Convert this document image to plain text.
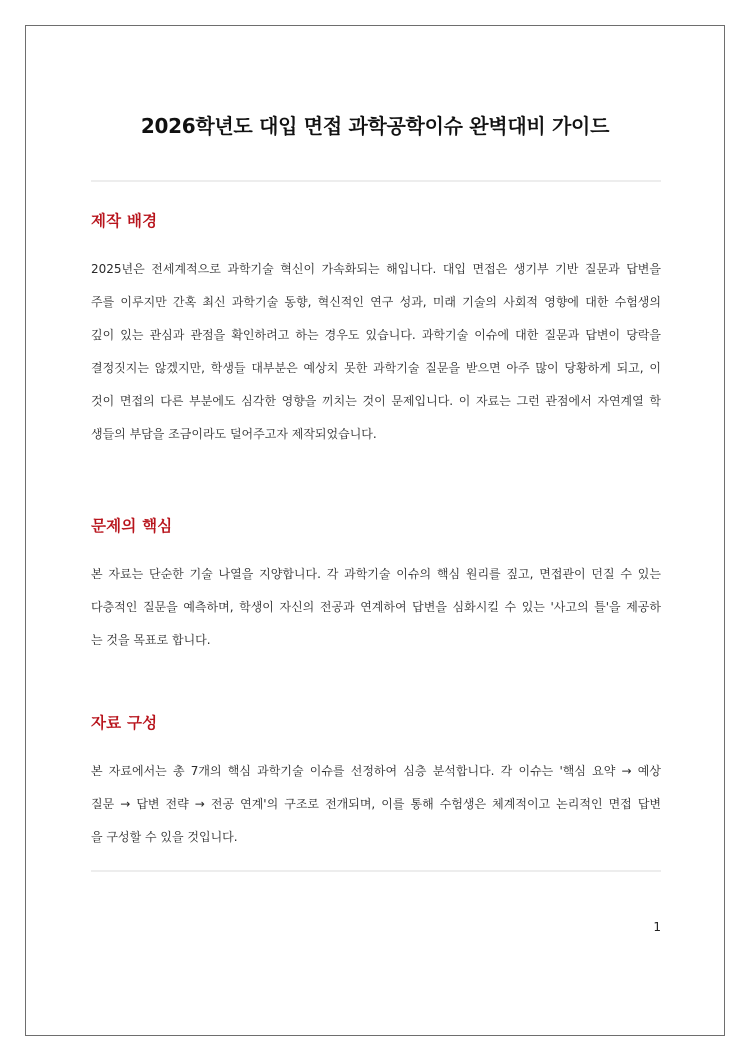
2026학년도 대입 면접 과학공학이슈 완벽대비 가이드
제작 배경
2025년은 전세계적으로 과학기술 혁신이 가속화되는 해입니다. 대입 면접은 생기부 기반 질문과 답변을
주를 이루지만 간혹 최신 과학기술 동향, 혁신적인 연구 성과, 미래 기술의 사회적 영향에 대한 수험생의
깊이 있는 관심과 관점을 확인하려고 하는 경우도 있습니다. 과학기술 이슈에 대한 질문과 답변이 당락을
결정짓지는 않겠지만, 학생들 대부분은 예상치 못한 과학기술 질문을 받으면 아주 많이 당황하게 되고, 이
것이 면접의 다른 부분에도 심각한 영향을 끼치는 것이 문제입니다. 이 자료는 그런 관점에서 자연계열 학
생들의 부담을 조금이라도 덜어주고자 제작되었습니다.
문제의 핵심
본 자료는 단순한 기술 나열을 지양합니다. 각 과학기술 이슈의 핵심 원리를 짚고, 면접관이 던질 수 있는
다층적인 질문을 예측하며, 학생이 자신의 전공과 연계하여 답변을 심화시킬 수 있는 '사고의 틀'을 제공하
는 것을 목표로 합니다.
자료 구성
본 자료에서는 총 7개의 핵심 과학기술 이슈를 선정하여 심층 분석합니다. 각 이슈는 '핵심 요약 → 예상
질문 → 답변 전략 → 전공 연계'의 구조로 전개되며, 이를 통해 수험생은 체계적이고 논리적인 면접 답변
을 구성할 수 있을 것입니다.
1
